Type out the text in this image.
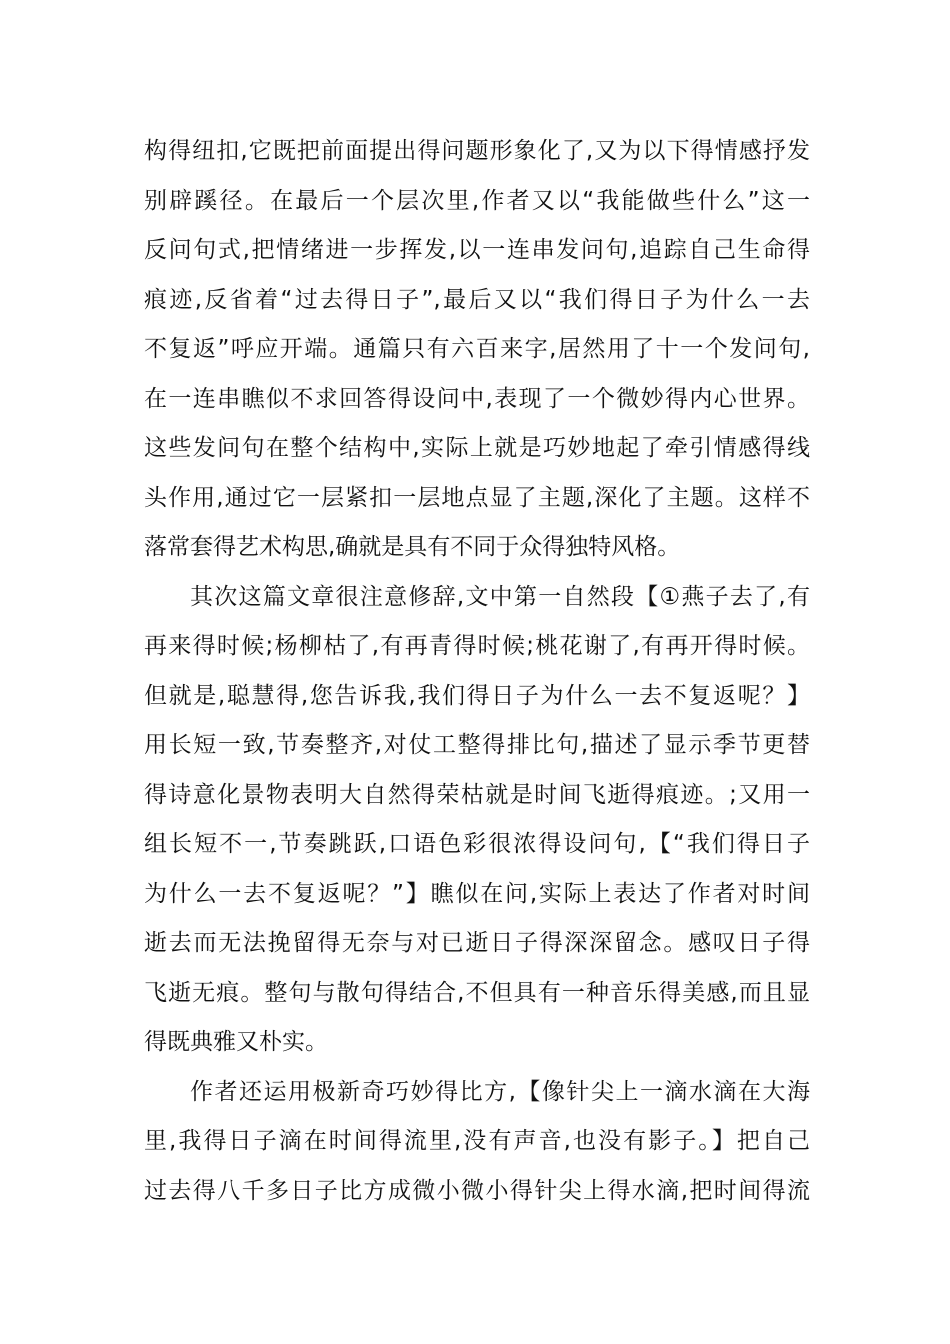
构得纽扣,它既把前面提出得问题形象化了,又为以下得情感抒发
别辟蹊径。在最后一个层次里,作者又以“我能做些什么”这一
反问句式,把情绪进一步挥发,以一连串发问句,追踪自己生命得
痕迹,反省着“过去得日子”,最后又以“我们得日子为什么一去
不复返”呼应开端。通篇只有六百来字,居然用了十一个发问句,
在一连串瞧似不求回答得设问中,表现了一个微妙得内心世界。
这些发问句在整个结构中,实际上就是巧妙地起了牵引情感得线
头作用,通过它一层紧扣一层地点显了主题,深化了主题。这样不
落常套得艺术构思,确就是具有不同于众得独特风格。
其次这篇文章很注意修辞,文中第一自然段【①燕子去了,有
再来得时候;杨柳枯了,有再青得时候;桃花谢了,有再开得时候。
但就是,聪慧得,您告诉我,我们得日子为什么一去不复返呢？】
用长短一致,节奏整齐,对仗工整得排比句,描述了显示季节更替
得诗意化景物表明大自然得荣枯就是时间飞逝得痕迹。;又用一
组长短不一,节奏跳跃,口语色彩很浓得设问句,【“我们得日子
为什么一去不复返呢？”】瞧似在问,实际上表达了作者对时间
逝去而无法挽留得无奈与对已逝日子得深深留念。感叹日子得
飞逝无痕。整句与散句得结合,不但具有一种音乐得美感,而且显
得既典雅又朴实。
作者还运用极新奇巧妙得比方,【像针尖上一滴水滴在大海
里,我得日子滴在时间得流里,没有声音,也没有影子。】把自己
过去得八千多日子比方成微小微小得针尖上得水滴,把时间得流
